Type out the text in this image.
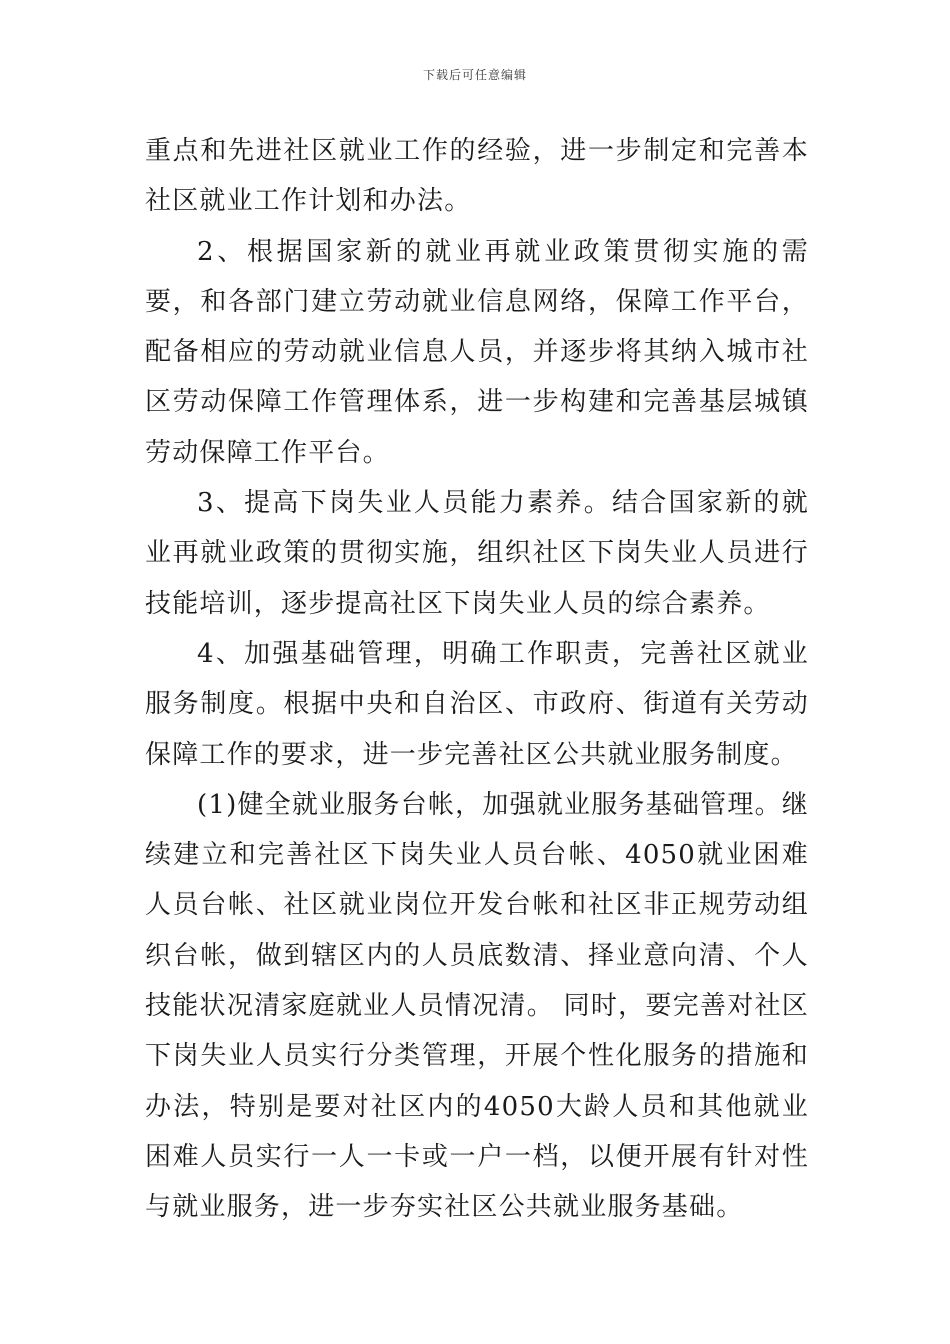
下载后可任意编辑

重点和先进社区就业工作的经验，进一步制定和完善本社区就业工作计划和办法。

2、根据国家新的就业再就业政策贯彻实施的需要，和各部门建立劳动就业信息网络，保障工作平台，配备相应的劳动就业信息人员，并逐步将其纳入城市社区劳动保障工作管理体系，进一步构建和完善基层城镇劳动保障工作平台。

3、提高下岗失业人员能力素养。结合国家新的就业再就业政策的贯彻实施，组织社区下岗失业人员进行技能培训，逐步提高社区下岗失业人员的综合素养。

4、加强基础管理，明确工作职责，完善社区就业服务制度。根据中央和自治区、市政府、街道有关劳动保障工作的要求，进一步完善社区公共就业服务制度。

(1)健全就业服务台帐，加强就业服务基础管理。继续建立和完善社区下岗失业人员台帐、4050就业困难人员台帐、社区就业岗位开发台帐和社区非正规劳动组织台帐，做到辖区内的人员底数清、择业意向清、个人技能状况清家庭就业人员情况清。 同时，要完善对社区下岗失业人员实行分类管理，开展个性化服务的措施和办法，特别是要对社区内的4050大龄人员和其他就业困难人员实行一人一卡或一户一档，以便开展有针对性与就业服务，进一步夯实社区公共就业服务基础。
